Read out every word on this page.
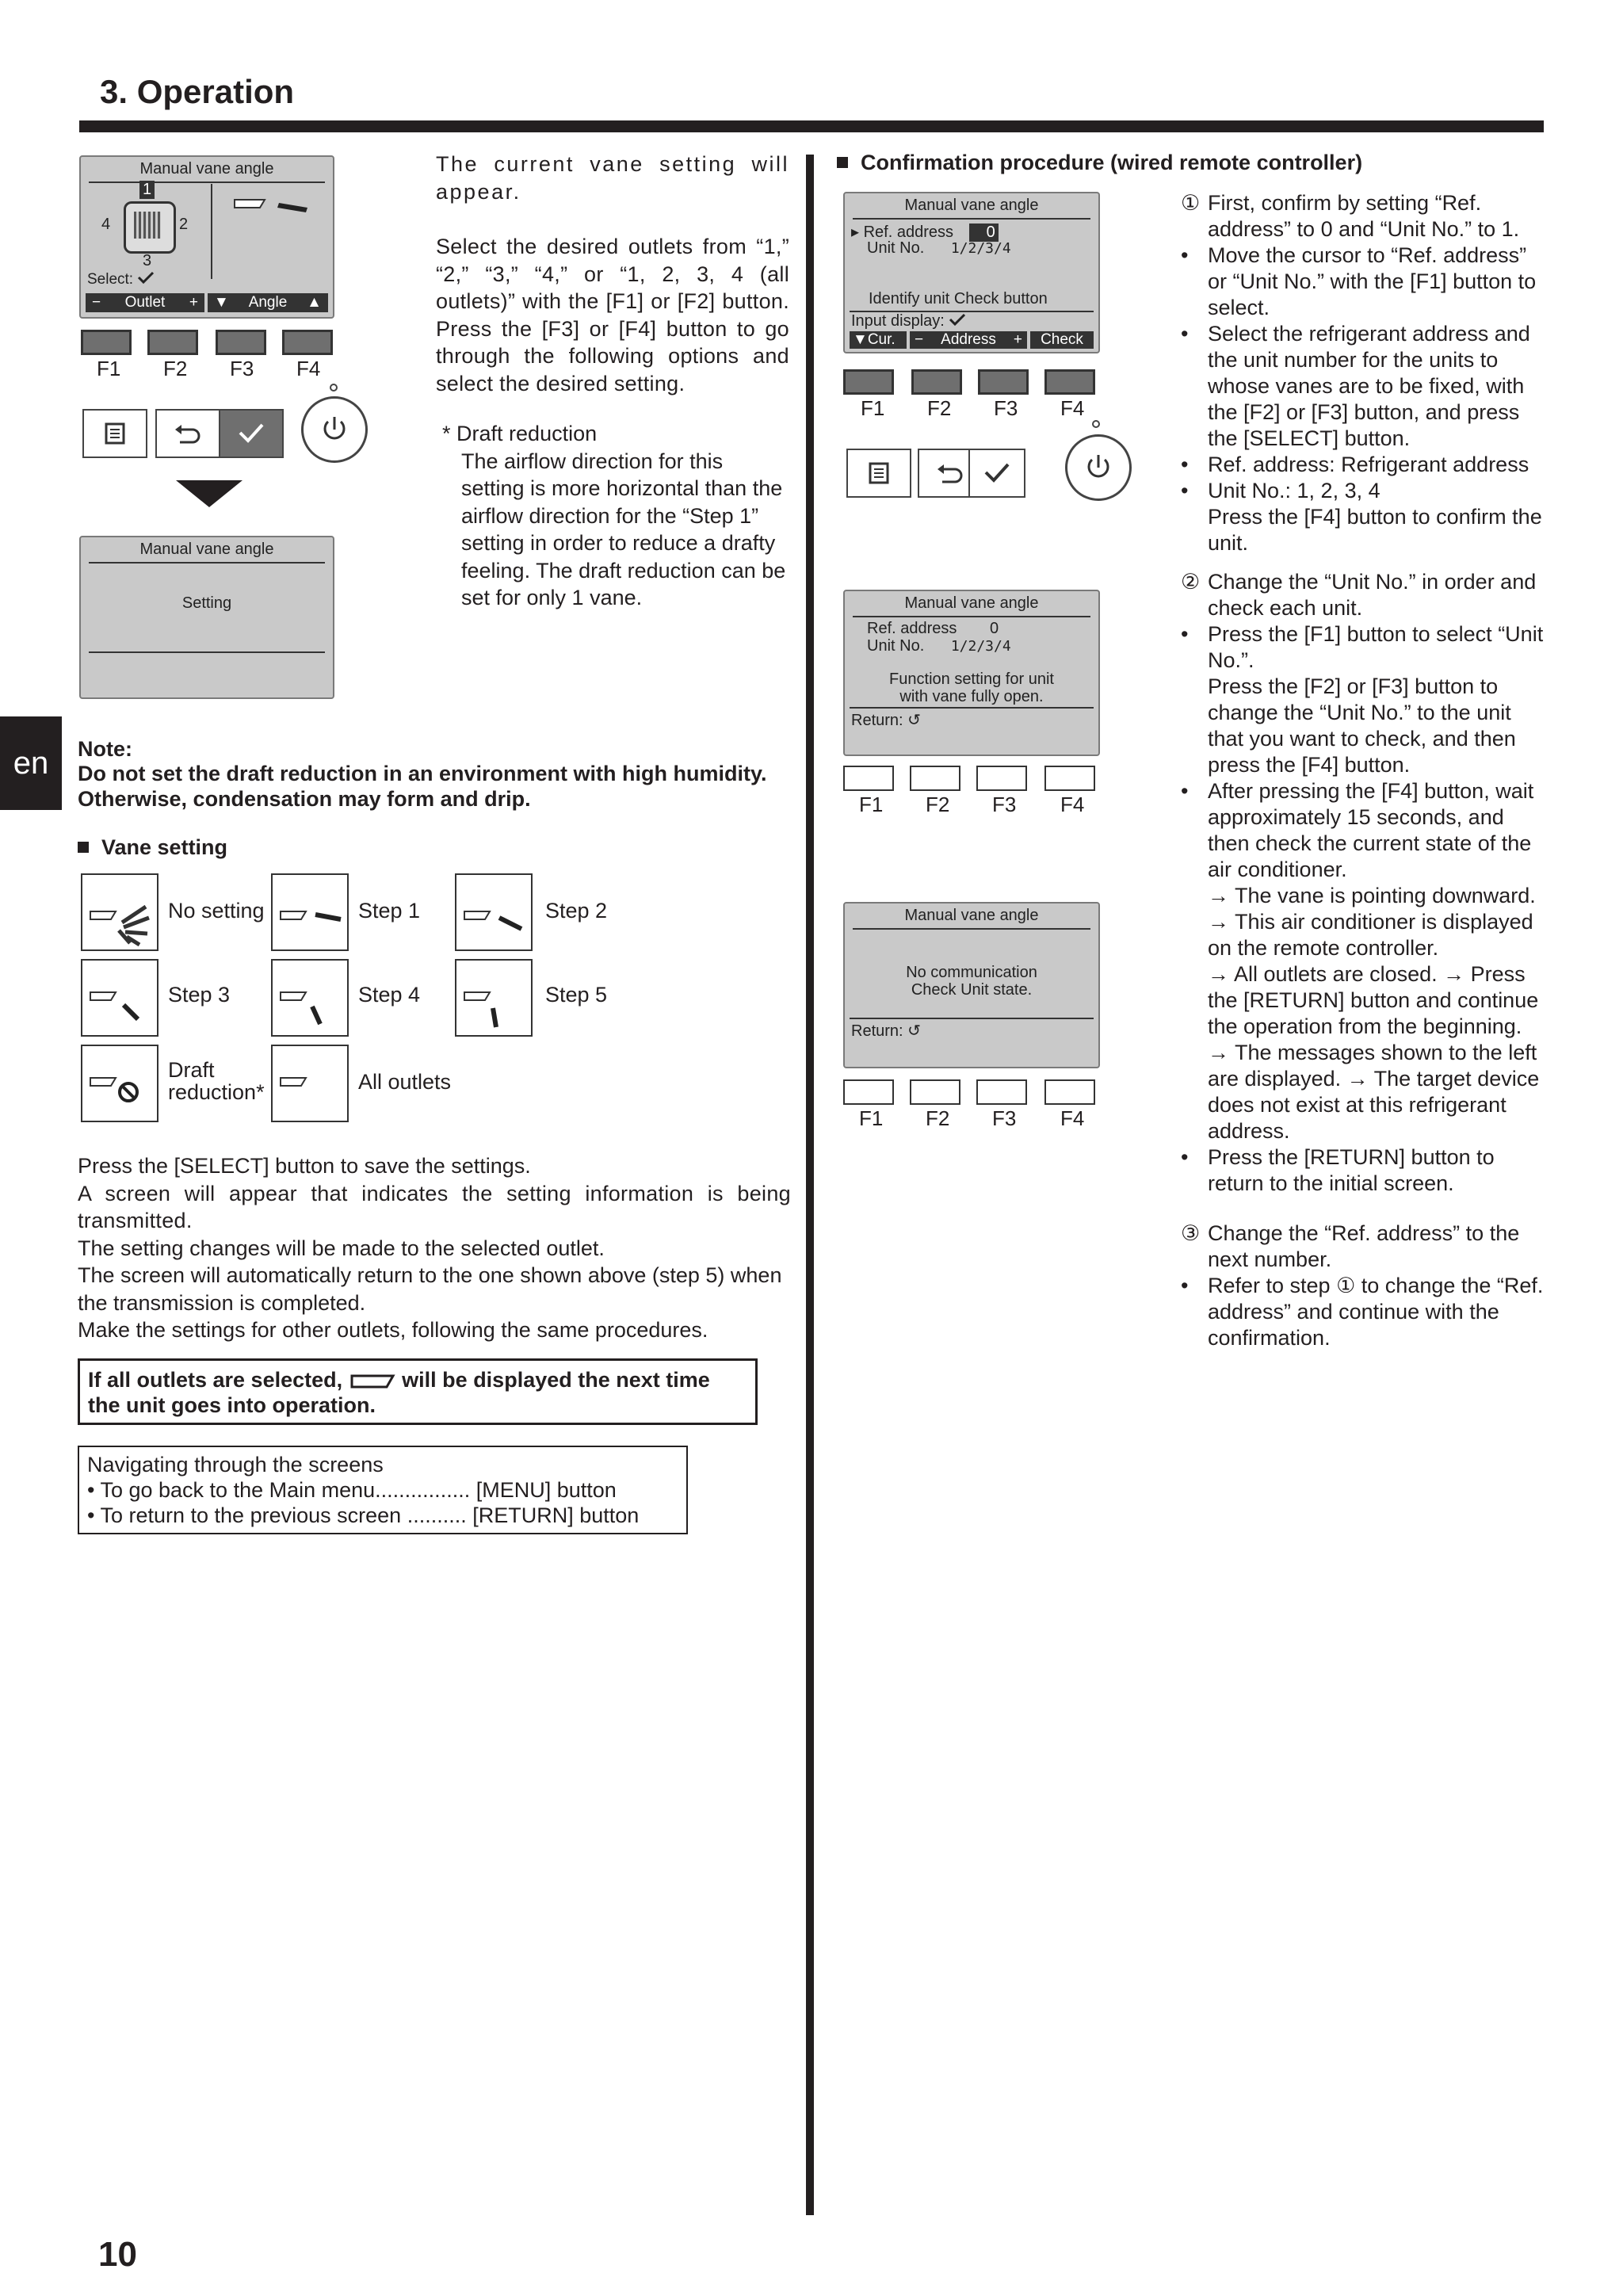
3. Operation
en
10
Manual vane angle
1
2
3
4
Select:
− Outlet + ▼ Angle ▲
F1 F2 F3 F4
Manual vane angle
Setting
The current vane setting will appear.
Select the desired outlets from “1,” “2,” “3,” “4,” or “1, 2, 3, 4 (all outlets)” with the [F1] or [F2] button. Press the [F3] or [F4] button to go through the following options and select the desired setting.
* Draft reduction

The airflow direction for this setting is more horizontal than the airflow direction for the “Step 1” setting in order to reduce a drafty feeling. The draft reduction can be set for only 1 vane.
Note:
Do not set the draft reduction in an environment with high humidity. Otherwise, condensation may form and drip.
Vane setting
No setting	Step 1	Step 2
Step 3	Step 4	Step 5
Draft reduction*	All outlets
Press the [SELECT] button to save the settings.
A screen will appear that indicates the setting information is being transmitted.
The setting changes will be made to the selected outlet.
The screen will automatically return to the one shown above (step 5) when the transmission is completed.
Make the settings for other outlets, following the same procedures.
If all outlets are selected,	will be displayed the next time the unit goes into operation.
Navigating through the screens
• To go back to the Main menu................ [MENU] button
• To return to the previous screen .......... [RETURN] button
Confirmation procedure (wired remote controller)
Manual vane angle
▸ Ref. address 0
Unit No. 1/2/3/4
Identify unit Check button
Input display:
▼ Cur. − Address +	Check
F1 F2 F3 F4
Manual vane angle
Ref. address 0
Unit No. 1/2/3/4
Function setting for unit
with vane fully open.
Return: ↺
F1 F2 F3 F4
Manual vane angle
No communication
Check Unit state.
Return: ↺
F1 F2 F3 F4
① First, confirm by setting “Ref. address” to 0 and “Unit No.” to 1.
• Move the cursor to “Ref. address” or “Unit No.” with the [F1] button to select.
• Select the refrigerant address and the unit number for the units to whose vanes are to be fixed, with the [F2] or [F3] button, and press the [SELECT] button.
• Ref. address: Refrigerant address
• Unit No.: 1, 2, 3, 4
Press the [F4] button to confirm the unit.
② Change the “Unit No.” in order and check each unit.
• Press the [F1] button to select “Unit No.”.
Press the [F2] or [F3] button to change the “Unit No.” to the unit that you want to check, and then press the [F4] button.
• After pressing the [F4] button, wait approximately 15 seconds, and then check the current state of the air conditioner.
→ The vane is pointing downward.
→ This air conditioner is displayed on the remote controller.
→ All outlets are closed. → Press the [RETURN] button and continue the operation from the beginning.
→ The messages shown to the left are displayed. → The target device does not exist at this refrigerant address.
• Press the [RETURN] button to return to the initial screen.
③ Change the “Ref. address” to the next number.
• Refer to step ① to change the “Ref. address” and continue with the confirmation.
